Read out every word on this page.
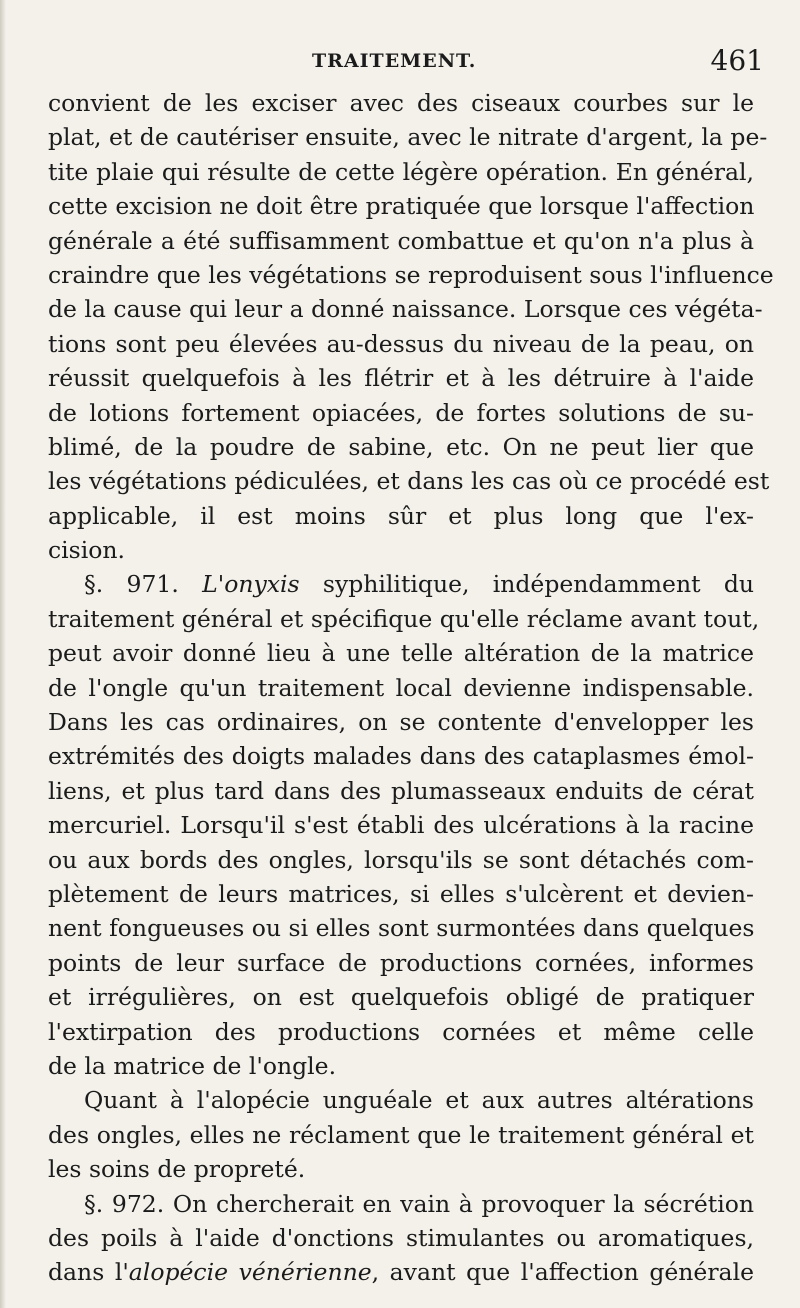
TRAITEMENT.	461
convient de les exciser avec des ciseaux courbes sur le
plat, et de cautériser ensuite, avec le nitrate d'argent, la pe-
tite plaie qui résulte de cette légère opération. En général,
cette excision ne doit être pratiquée que lorsque l'affection
générale a été suffisamment combattue et qu'on n'a plus à
craindre que les végétations se reproduisent sous l'influence
de la cause qui leur a donné naissance. Lorsque ces végéta-
tions sont peu élevées au-dessus du niveau de la peau, on
réussit quelquefois à les flétrir et à les détruire à l'aide
de lotions fortement opiacées, de fortes solutions de su-
blimé, de la poudre de sabine, etc. On ne peut lier que
les végétations pédiculées, et dans les cas où ce procédé est
applicable, il est moins sûr et plus long que l'ex-
cision.
§. 971. L'onyxis syphilitique, indépendamment du
traitement général et spécifique qu'elle réclame avant tout,
peut avoir donné lieu à une telle altération de la matrice
de l'ongle qu'un traitement local devienne indispensable.
Dans les cas ordinaires, on se contente d'envelopper les
extrémités des doigts malades dans des cataplasmes émol-
liens, et plus tard dans des plumasseaux enduits de cérat
mercuriel. Lorsqu'il s'est établi des ulcérations à la racine
ou aux bords des ongles, lorsqu'ils se sont détachés com-
plètement de leurs matrices, si elles s'ulcèrent et devien-
nent fongueuses ou si elles sont surmontées dans quelques
points de leur surface de productions cornées, informes
et irrégulières, on est quelquefois obligé de pratiquer
l'extirpation des productions cornées et même celle
de la matrice de l'ongle.
Quant à l'alopécie unguéale et aux autres altérations
des ongles, elles ne réclament que le traitement général et
les soins de propreté.
§. 972. On chercherait en vain à provoquer la sécrétion
des poils à l'aide d'onctions stimulantes ou aromatiques,
dans l'alopécie vénérienne, avant que l'affection générale
